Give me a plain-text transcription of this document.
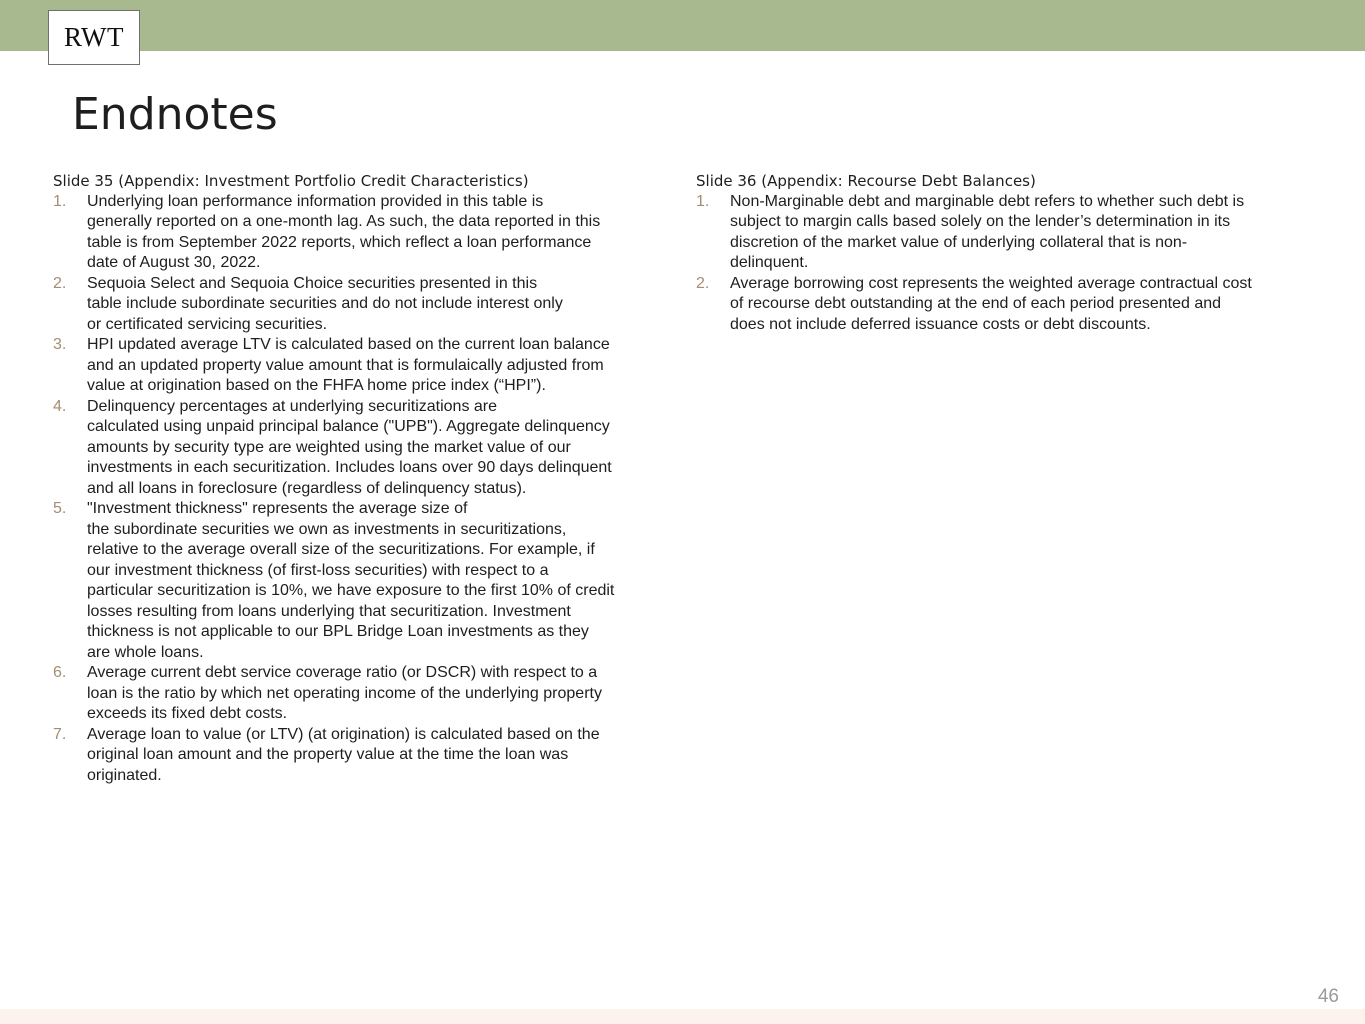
RWT
Endnotes
Slide 35 (Appendix: Investment Portfolio Credit Characteristics)
1. Underlying loan performance information provided in this table is
generally reported on a one-month lag. As such, the data reported in this
table is from September 2022 reports, which reflect a loan performance
date of August 30, 2022.
2. Sequoia Select and Sequoia Choice securities presented in this
table include subordinate securities and do not include interest only
or certificated servicing securities.
3. HPI updated average LTV is calculated based on the current loan balance
and an updated property value amount that is formulaically adjusted from
value at origination based on the FHFA home price index (“HPI”).
4. Delinquency percentages at underlying securitizations are
calculated using unpaid principal balance ("UPB"). Aggregate delinquency
amounts by security type are weighted using the market value of our
investments in each securitization. Includes loans over 90 days delinquent
and all loans in foreclosure (regardless of delinquency status).
5. "Investment thickness" represents the average size of
the subordinate securities we own as investments in securitizations,
relative to the average overall size of the securitizations. For example, if
our investment thickness (of first-loss securities) with respect to a
particular securitization is 10%, we have exposure to the first 10% of credit
losses resulting from loans underlying that securitization. Investment
thickness is not applicable to our BPL Bridge Loan investments as they
are whole loans.
6. Average current debt service coverage ratio (or DSCR) with respect to a
loan is the ratio by which net operating income of the underlying property
exceeds its fixed debt costs.
7. Average loan to value (or LTV) (at origination) is calculated based on the
original loan amount and the property value at the time the loan was
originated.
Slide 36 (Appendix: Recourse Debt Balances)
1. Non-Marginable debt and marginable debt refers to whether such debt is
subject to margin calls based solely on the lender’s determination in its
discretion of the market value of underlying collateral that is non-
delinquent.
2. Average borrowing cost represents the weighted average contractual cost
of recourse debt outstanding at the end of each period presented and
does not include deferred issuance costs or debt discounts.
46
